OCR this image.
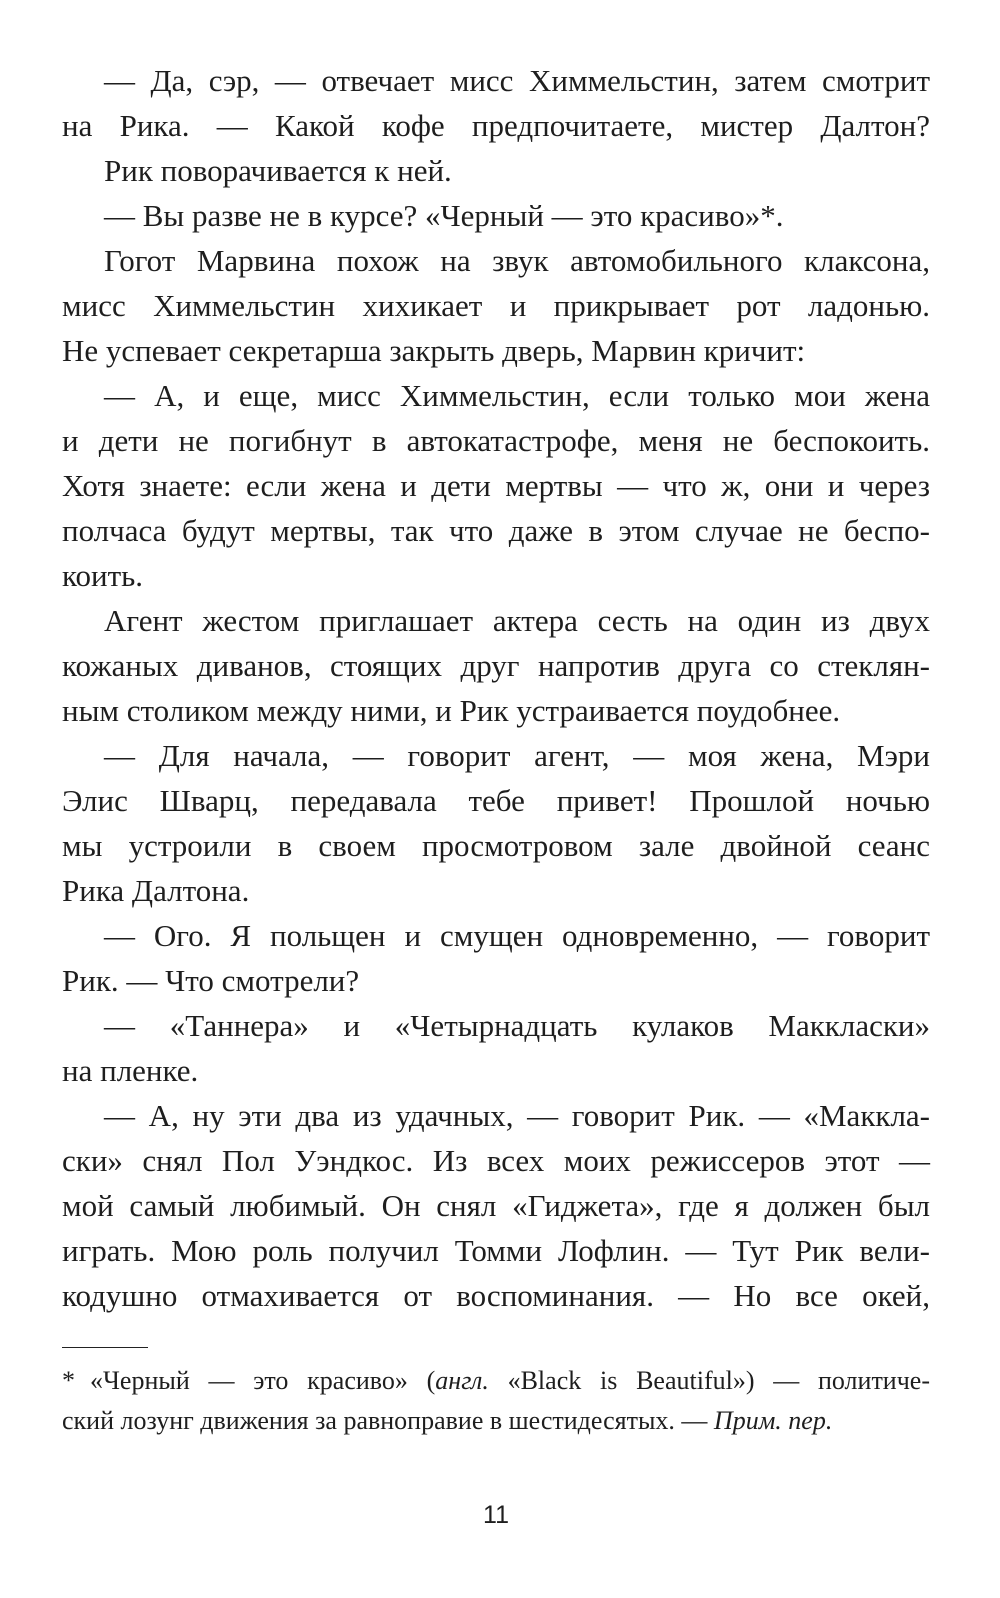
— Да, сэр, — отвечает мисс Химмельстин, затем смотрит
на Рика. — Какой кофе предпочитаете, мистер Далтон?
Рик поворачивается к ней.
— Вы разве не в курсе? «Черный — это красиво»*.
Гогот Марвина похож на звук автомобильного клаксона,
мисс Химмельстин хихикает и прикрывает рот ладонью.
Не успевает секретарша закрыть дверь, Марвин кричит:
— А, и еще, мисс Химмельстин, если только мои жена
и дети не погибнут в автокатастрофе, меня не беспокоить.
Хотя знаете: если жена и дети мертвы — что ж, они и через
полчаса будут мертвы, так что даже в этом случае не беспо-
коить.
Агент жестом приглашает актера сесть на один из двух
кожаных диванов, стоящих друг напротив друга со стеклян-
ным столиком между ними, и Рик устраивается поудобнее.
— Для начала, — говорит агент, — моя жена, Мэри
Элис Шварц, передавала тебе привет! Прошлой ночью
мы устроили в своем просмотровом зале двойной сеанс
Рика Далтона.
— Ого. Я польщен и смущен одновременно, — говорит
Рик. — Что смотрели?
— «Таннера» и «Четырнадцать кулаков Маккласки»
на пленке.
— А, ну эти два из удачных, — говорит Рик. — «Маккла-
ски» снял Пол Уэндкос. Из всех моих режиссеров этот —
мой самый любимый. Он снял «Гиджета», где я должен был
играть. Мою роль получил Томми Лофлин. — Тут Рик вели-
кодушно отмахивается от воспоминания. — Но все окей,
* «Черный — это красиво» (англ. «Black is Beautiful») — политиче-
ский лозунг движения за равноправие в шестидесятых. — Прим. пер.
11
